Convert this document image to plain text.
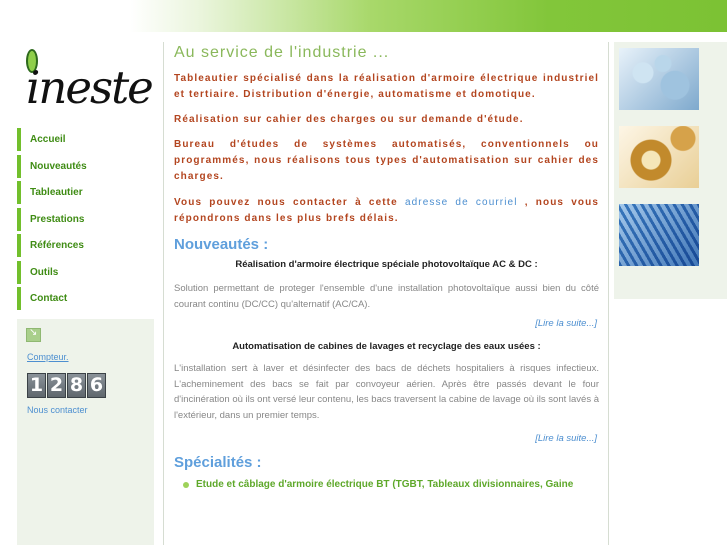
ineste
Accueil
Nouveautés
Tableautier
Prestations
Références
Outils
Contact
↘
Compteur.
1 2 8 6
Nous contacter
Au service de l'industrie ...

Tableautier spécialisé dans la réalisation d'armoire électrique industriel et tertiaire. Distribution d'énergie, automatisme et domotique.

Réalisation sur cahier des charges ou sur demande d'étude.

Bureau d'études de systèmes automatisés, conventionnels ou programmés, nous réalisons tous types d'automatisation sur cahier des charges.

Vous pouvez nous contacter à cette adresse de courriel , nous vous répondrons dans les plus brefs délais.

Nouveautés :

Réalisation d'armoire électrique spéciale photovoltaïque AC & DC :

Solution permettant de proteger l'ensemble d'une installation photovoltaïque aussi bien du côté courant continu (DC/CC) qu'alternatif (AC/CA).

[Lire la suite...]

Automatisation de cabines de lavages et recyclage des eaux usées :

L'installation sert à laver et désinfecter des bacs de déchets hospitaliers à risques infectieux. L'acheminement des bacs se fait par convoyeur aérien. Après être passés devant le four d'incinération où ils ont versé leur contenu, les bacs traversent la cabine de lavage où ils sont lavés à l'extérieur, dans un premier temps.

[Lire la suite...]

Spécialités :
Etude et câblage d'armoire électrique BT (TGBT, Tableaux divisionnaires, Gaine
